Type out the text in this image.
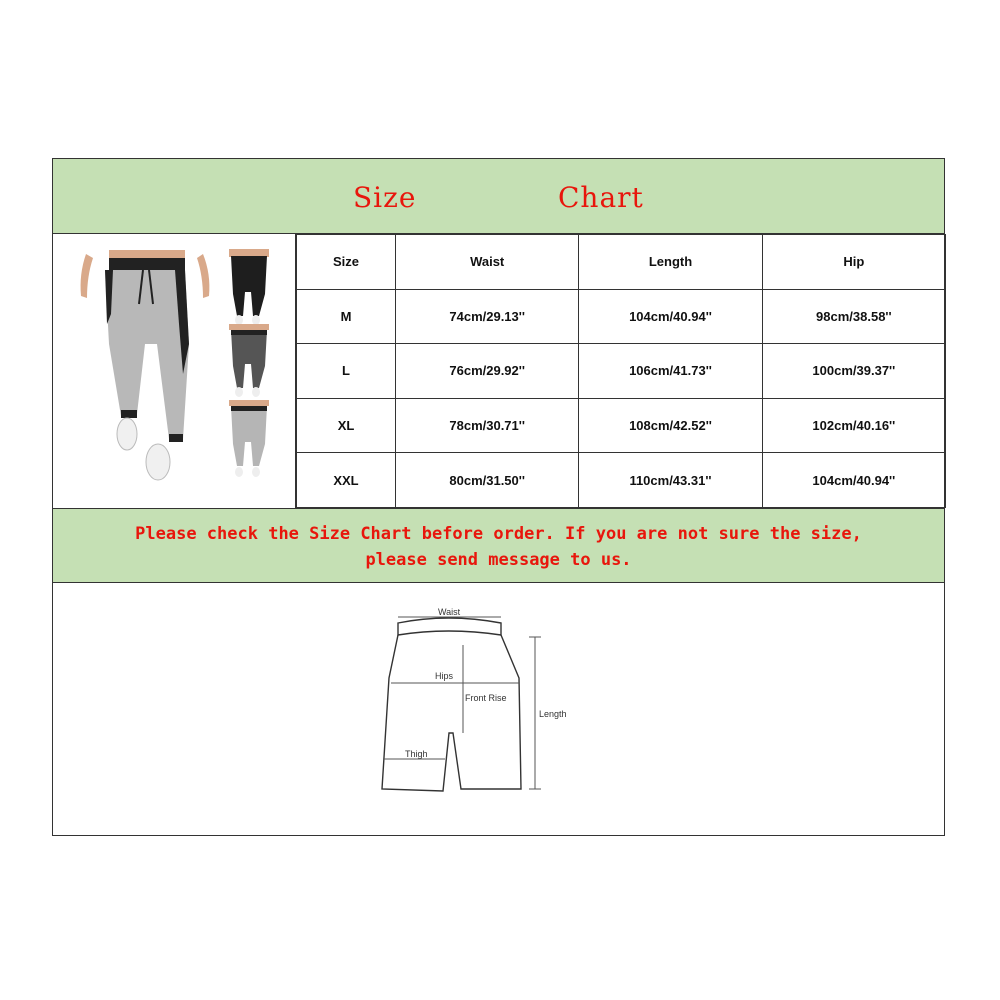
Size	Chart
Size	Waist	Length	Hip
M	74cm/29.13''	104cm/40.94''	98cm/38.58''
L	76cm/29.92''	106cm/41.73''	100cm/39.37''
XL	78cm/30.71''	108cm/42.52''	102cm/40.16''
XXL	80cm/31.50''	110cm/43.31''	104cm/40.94''
Please check the Size Chart before order. If you are not sure the size,
please send message to us.
Waist
Hips
Front Rise
Thigh
Length
